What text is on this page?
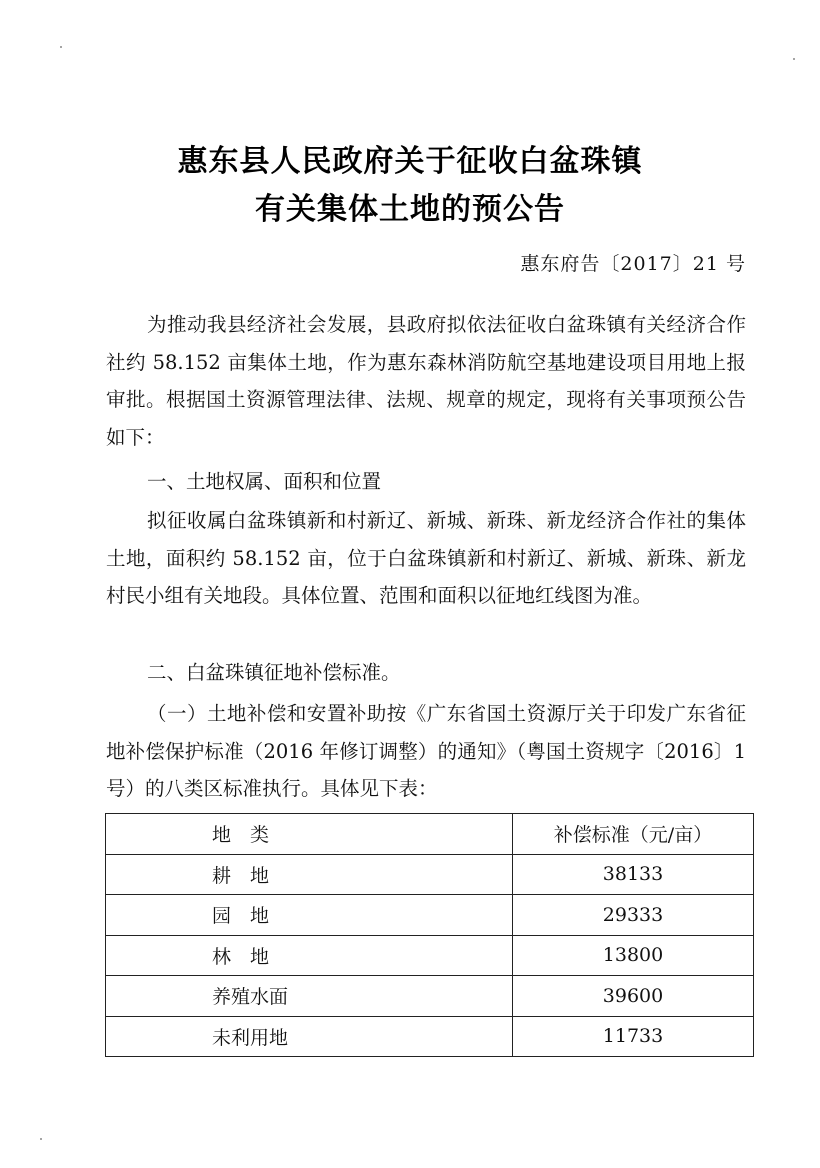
惠东县人民政府关于征收白盆珠镇
有关集体土地的预公告
惠东府告〔2017〕21 号

为推动我县经济社会发展，县政府拟依法征收白盆珠镇有关经济合作社约 58.152 亩集体土地，作为惠东森林消防航空基地建设项目用地上报审批。根据国土资源管理法律、法规、规章的规定，现将有关事项预公告如下：

一、土地权属、面积和位置

拟征收属白盆珠镇新和村新辽、新城、新珠、新龙经济合作社的集体土地，面积约 58.152 亩，位于白盆珠镇新和村新辽、新城、新珠、新龙村民小组有关地段。具体位置、范围和面积以征地红线图为准。

二、白盆珠镇征地补偿标准。

（一）土地补偿和安置补助按《广东省国土资源厅关于印发广东省征地补偿保护标准（2016 年修订调整）的通知》（粤国土资规字〔2016〕1 号）的八类区标准执行。具体见下表：

地　类	补偿标准（元/亩）
耕　地	38133
园　地	29333
林　地	13800
养殖水面	39600
未利用地	11733
